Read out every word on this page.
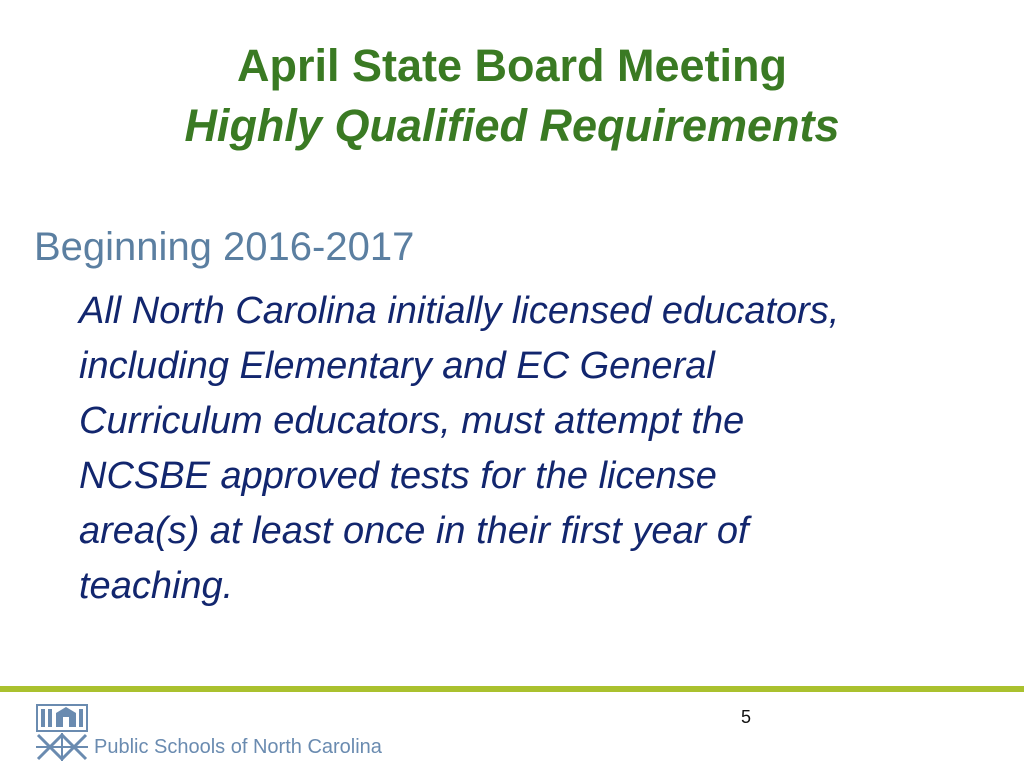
April State Board Meeting
Highly Qualified Requirements
Beginning 2016-2017
All North Carolina initially licensed educators,
including Elementary and EC General
Curriculum educators, must attempt the
NCSBE approved tests for the license
area(s) at least once in their first year of
teaching.
5
Public Schools of North Carolina
